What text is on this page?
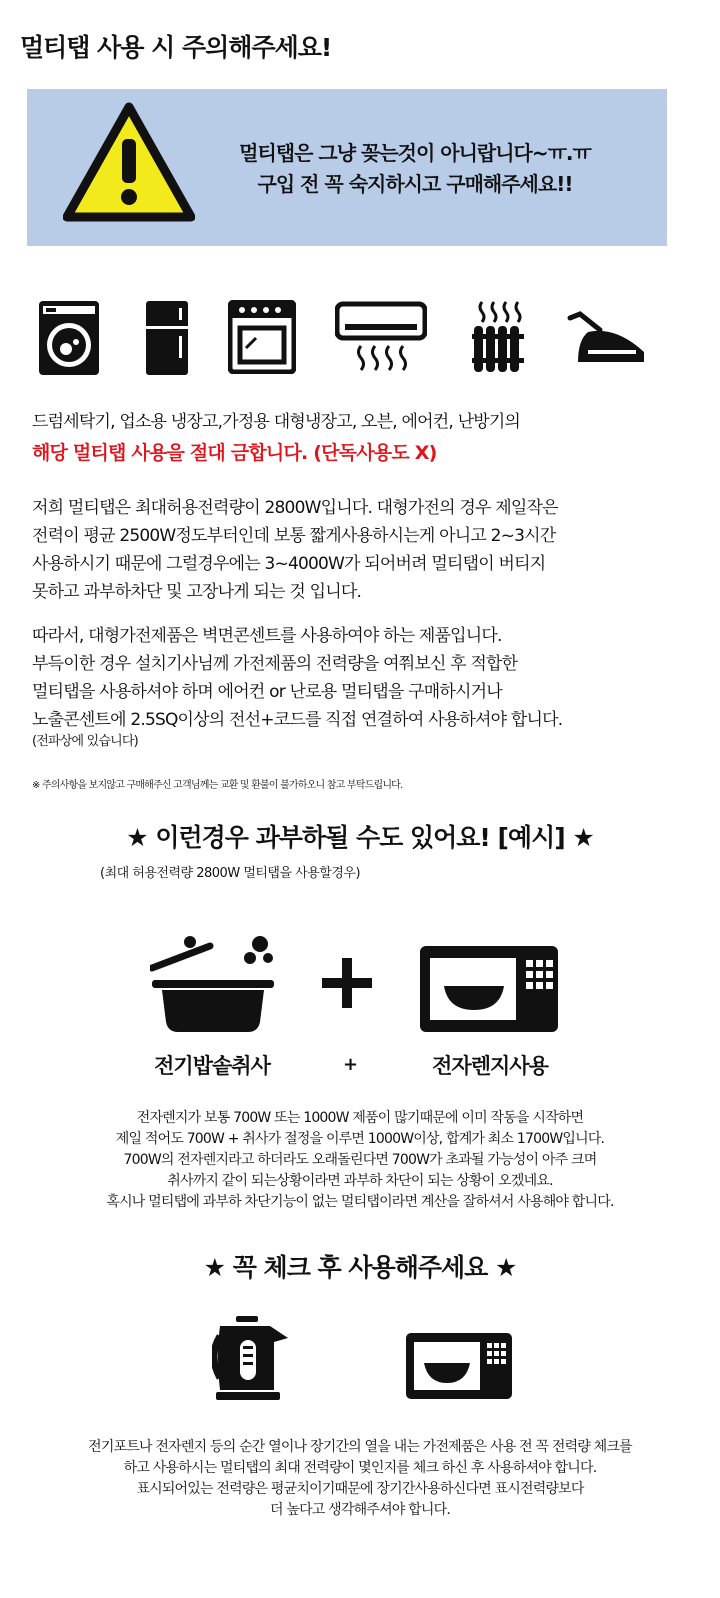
멀티탭 사용 시 주의해주세요!
멀티탭은 그냥 꽂는것이 아니랍니다~ㅠ.ㅠ
구입 전 꼭 숙지하시고 구매해주세요!!
드럼세탁기, 업소용 냉장고,가정용 대형냉장고, 오븐, 에어컨, 난방기의
해당 멀티탭 사용을 절대 금합니다. (단독사용도 X)
저희 멀티탭은 최대허용전력량이 2800W입니다. 대형가전의 경우 제일작은
전력이 평균 2500W정도부터인데 보통 짧게사용하시는게 아니고 2~3시간
사용하시기 때문에 그럴경우에는 3~4000W가 되어버려 멀티탭이 버티지
못하고 과부하차단 및 고장나게 되는 것 입니다.
따라서, 대형가전제품은 벽면콘센트를 사용하여야 하는 제품입니다.
부득이한 경우 설치기사님께 가전제품의 전력량을 여쭤보신 후 적합한
멀티탭을 사용하셔야 하며 에어컨 or 난로용 멀티탭을 구매하시거나
노출콘센트에 2.5SQ이상의 전선+코드를 직접 연결하여 사용하셔야 합니다.
(전파상에 있습니다)
※ 주의사항을 보지않고 구매해주신 고객님께는 교환 및 환불이 불가하오니 참고 부탁드립니다.
★ 이런경우 과부하될 수도 있어요! [예시] ★
(최대 허용전력량 2800W 멀티탭을 사용할경우)
전기밥솥취사	+	전자렌지사용
전자렌지가 보통 700W 또는 1000W 제품이 많기때문에 이미 작동을 시작하면
제일 적어도 700W + 취사가 절정을 이루면 1000W이상, 합계가 최소 1700W입니다.
700W의 전자렌지라고 하더라도 오래돌린다면 700W가 초과될 가능성이 아주 크며
취사까지 같이 되는상황이라면 과부하 차단이 되는 상황이 오겠네요.
혹시나 멀티탭에 과부하 차단기능이 없는 멀티탭이라면 계산을 잘하셔서 사용해야 합니다.
★ 꼭 체크 후 사용해주세요 ★
전기포트나 전자렌지 등의 순간 열이나 장기간의 열을 내는 가전제품은 사용 전 꼭 전력량 체크를
하고 사용하시는 멀티탭의 최대 전력량이 몇인지를 체크 하신 후 사용하셔야 합니다.
표시되어있는 전력량은 평균치이기때문에 장기간사용하신다면 표시전력량보다
더 높다고 생각해주셔야 합니다.
